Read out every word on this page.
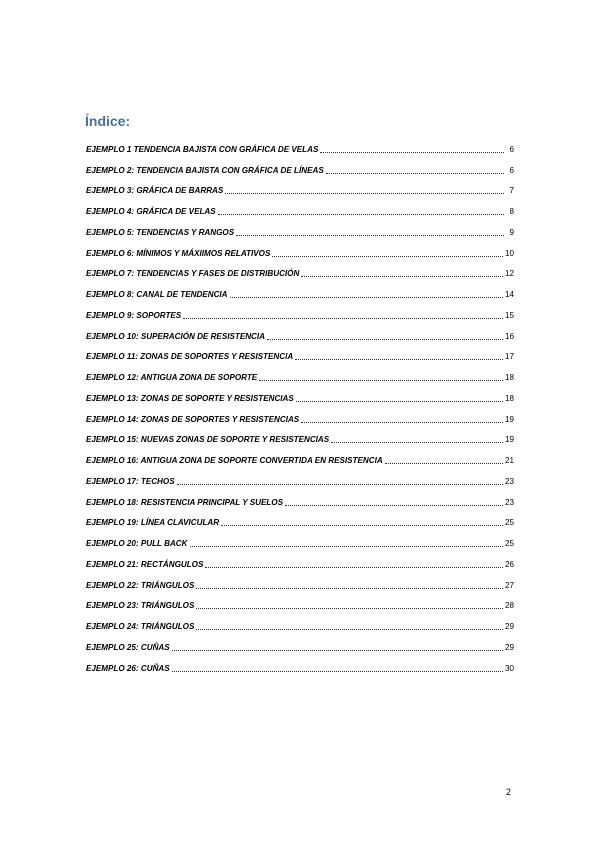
Índice:
EJEMPLO 1 TENDENCIA BAJISTA CON GRÁFICA DE VELAS	6
EJEMPLO 2: TENDENCIA BAJISTA CON GRÁFICA DE LÍNEAS	6
EJEMPLO 3: GRÁFICA DE BARRAS	7
EJEMPLO 4: GRÁFICA DE VELAS	8
EJEMPLO 5: TENDENCIAS Y RANGOS	9
EJEMPLO 6: MÍNIMOS Y MÁXIIMOS RELATIVOS	10
EJEMPLO 7: TENDENCIAS Y FASES DE DISTRIBUCIÓN	12
EJEMPLO 8: CANAL DE TENDENCIA	14
EJEMPLO 9: SOPORTES	15
EJEMPLO 10: SUPERACIÓN DE RESISTENCIA	16
EJEMPLO 11: ZONAS DE SOPORTES Y RESISTENCIA	17
EJEMPLO 12: ANTIGUA ZONA DE SOPORTE	18
EJEMPLO 13: ZONAS DE SOPORTE Y RESISTENCIAS	18
EJEMPLO 14: ZONAS DE SOPORTES Y RESISTENCIAS	19
EJEMPLO 15: NUEVAS ZONAS DE SOPORTE Y RESISTENCIAS	19
EJEMPLO 16: ANTIGUA ZONA DE SOPORTE CONVERTIDA EN RESISTENCIA	21
EJEMPLO 17: TECHOS	23
EJEMPLO 18: RESISTENCIA PRINCIPAL Y SUELOS	23
EJEMPLO 19: LÍNEA CLAVICULAR	25
EJEMPLO 20: PULL BACK	25
EJEMPLO 21: RECTÁNGULOS	26
EJEMPLO 22: TRIÁNGULOS	27
EJEMPLO 23: TRIÁNGULOS	28
EJEMPLO 24: TRIÁNGULOS	29
EJEMPLO 25: CUÑAS	29
EJEMPLO 26: CUÑAS	30
2
